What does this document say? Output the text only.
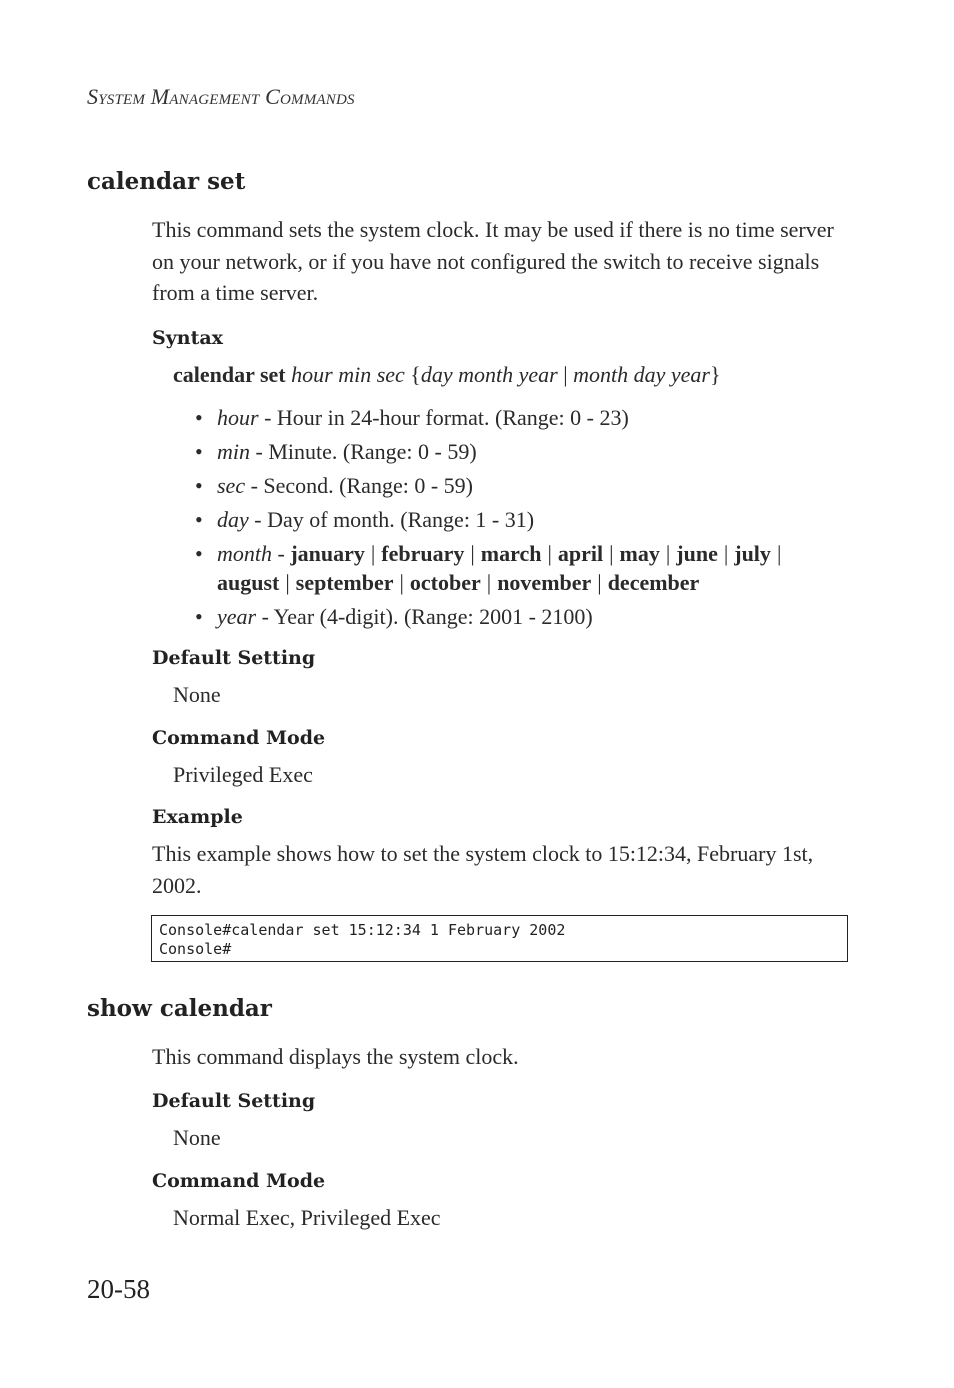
System Management Commands
calendar set
This command sets the system clock. It may be used if there is no time server on your network, or if you have not configured the switch to receive signals from a time server.
Syntax
calendar set hour min sec {day month year | month day year}
• hour - Hour in 24-hour format. (Range: 0 - 23)
• min - Minute. (Range: 0 - 59)
• sec - Second. (Range: 0 - 59)
• day - Day of month. (Range: 1 - 31)
• month - january | february | march | april | may | june | july |
august | september | october | november | december
• year - Year (4-digit). (Range: 2001 - 2100)
Default Setting
None
Command Mode
Privileged Exec
Example
This example shows how to set the system clock to 15:12:34, February 1st, 2002.
Console#calendar set 15:12:34 1 February 2002
Console#
show calendar
This command displays the system clock.
Default Setting
None
Command Mode
Normal Exec, Privileged Exec
20-58
